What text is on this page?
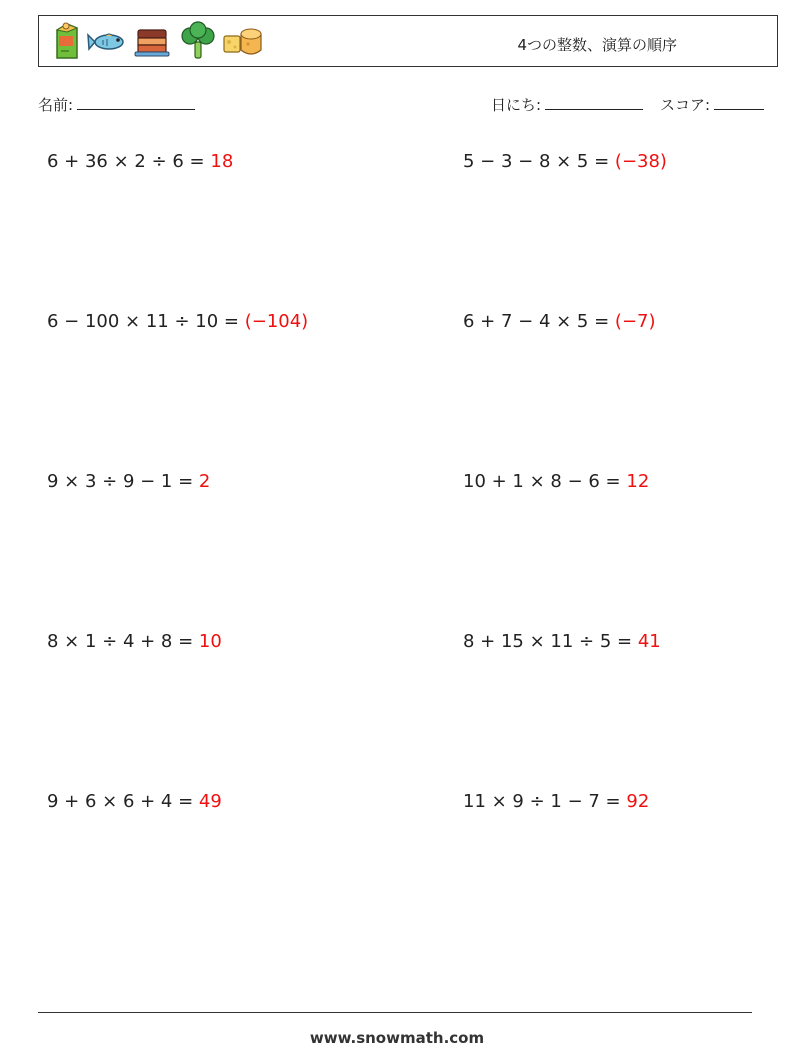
4つの整数、演算の順序
名前:	日にち:	スコア:
6 + 36 × 2 ÷ 6 = 18	5 − 3 − 8 × 5 = (−38)
6 − 100 × 11 ÷ 10 = (−104)	6 + 7 − 4 × 5 = (−7)
9 × 3 ÷ 9 − 1 = 2	10 + 1 × 8 − 6 = 12
8 × 1 ÷ 4 + 8 = 10	8 + 15 × 11 ÷ 5 = 41
9 + 6 × 6 + 4 = 49	11 × 9 ÷ 1 − 7 = 92
www.snowmath.com
